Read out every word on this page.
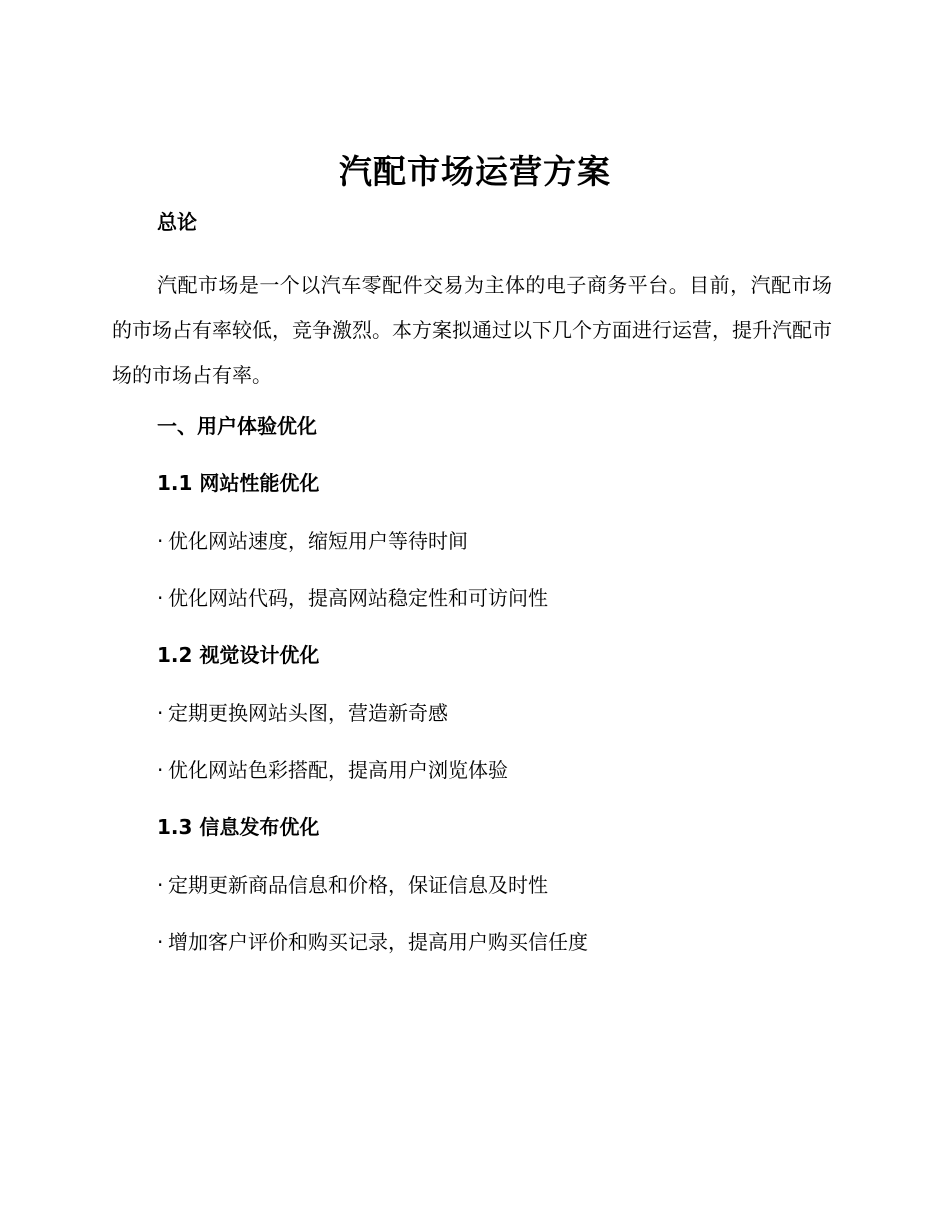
汽配市场运营方案
总论
汽配市场是一个以汽车零配件交易为主体的电子商务平台。目前，汽配市场的市场占有率较低，竞争激烈。本方案拟通过以下几个方面进行运营，提升汽配市场的市场占有率。
一、用户体验优化
1.1 网站性能优化
· 优化网站速度，缩短用户等待时间
· 优化网站代码，提高网站稳定性和可访问性
1.2 视觉设计优化
· 定期更换网站头图，营造新奇感
· 优化网站色彩搭配，提高用户浏览体验
1.3 信息发布优化
· 定期更新商品信息和价格，保证信息及时性
· 增加客户评价和购买记录，提高用户购买信任度
